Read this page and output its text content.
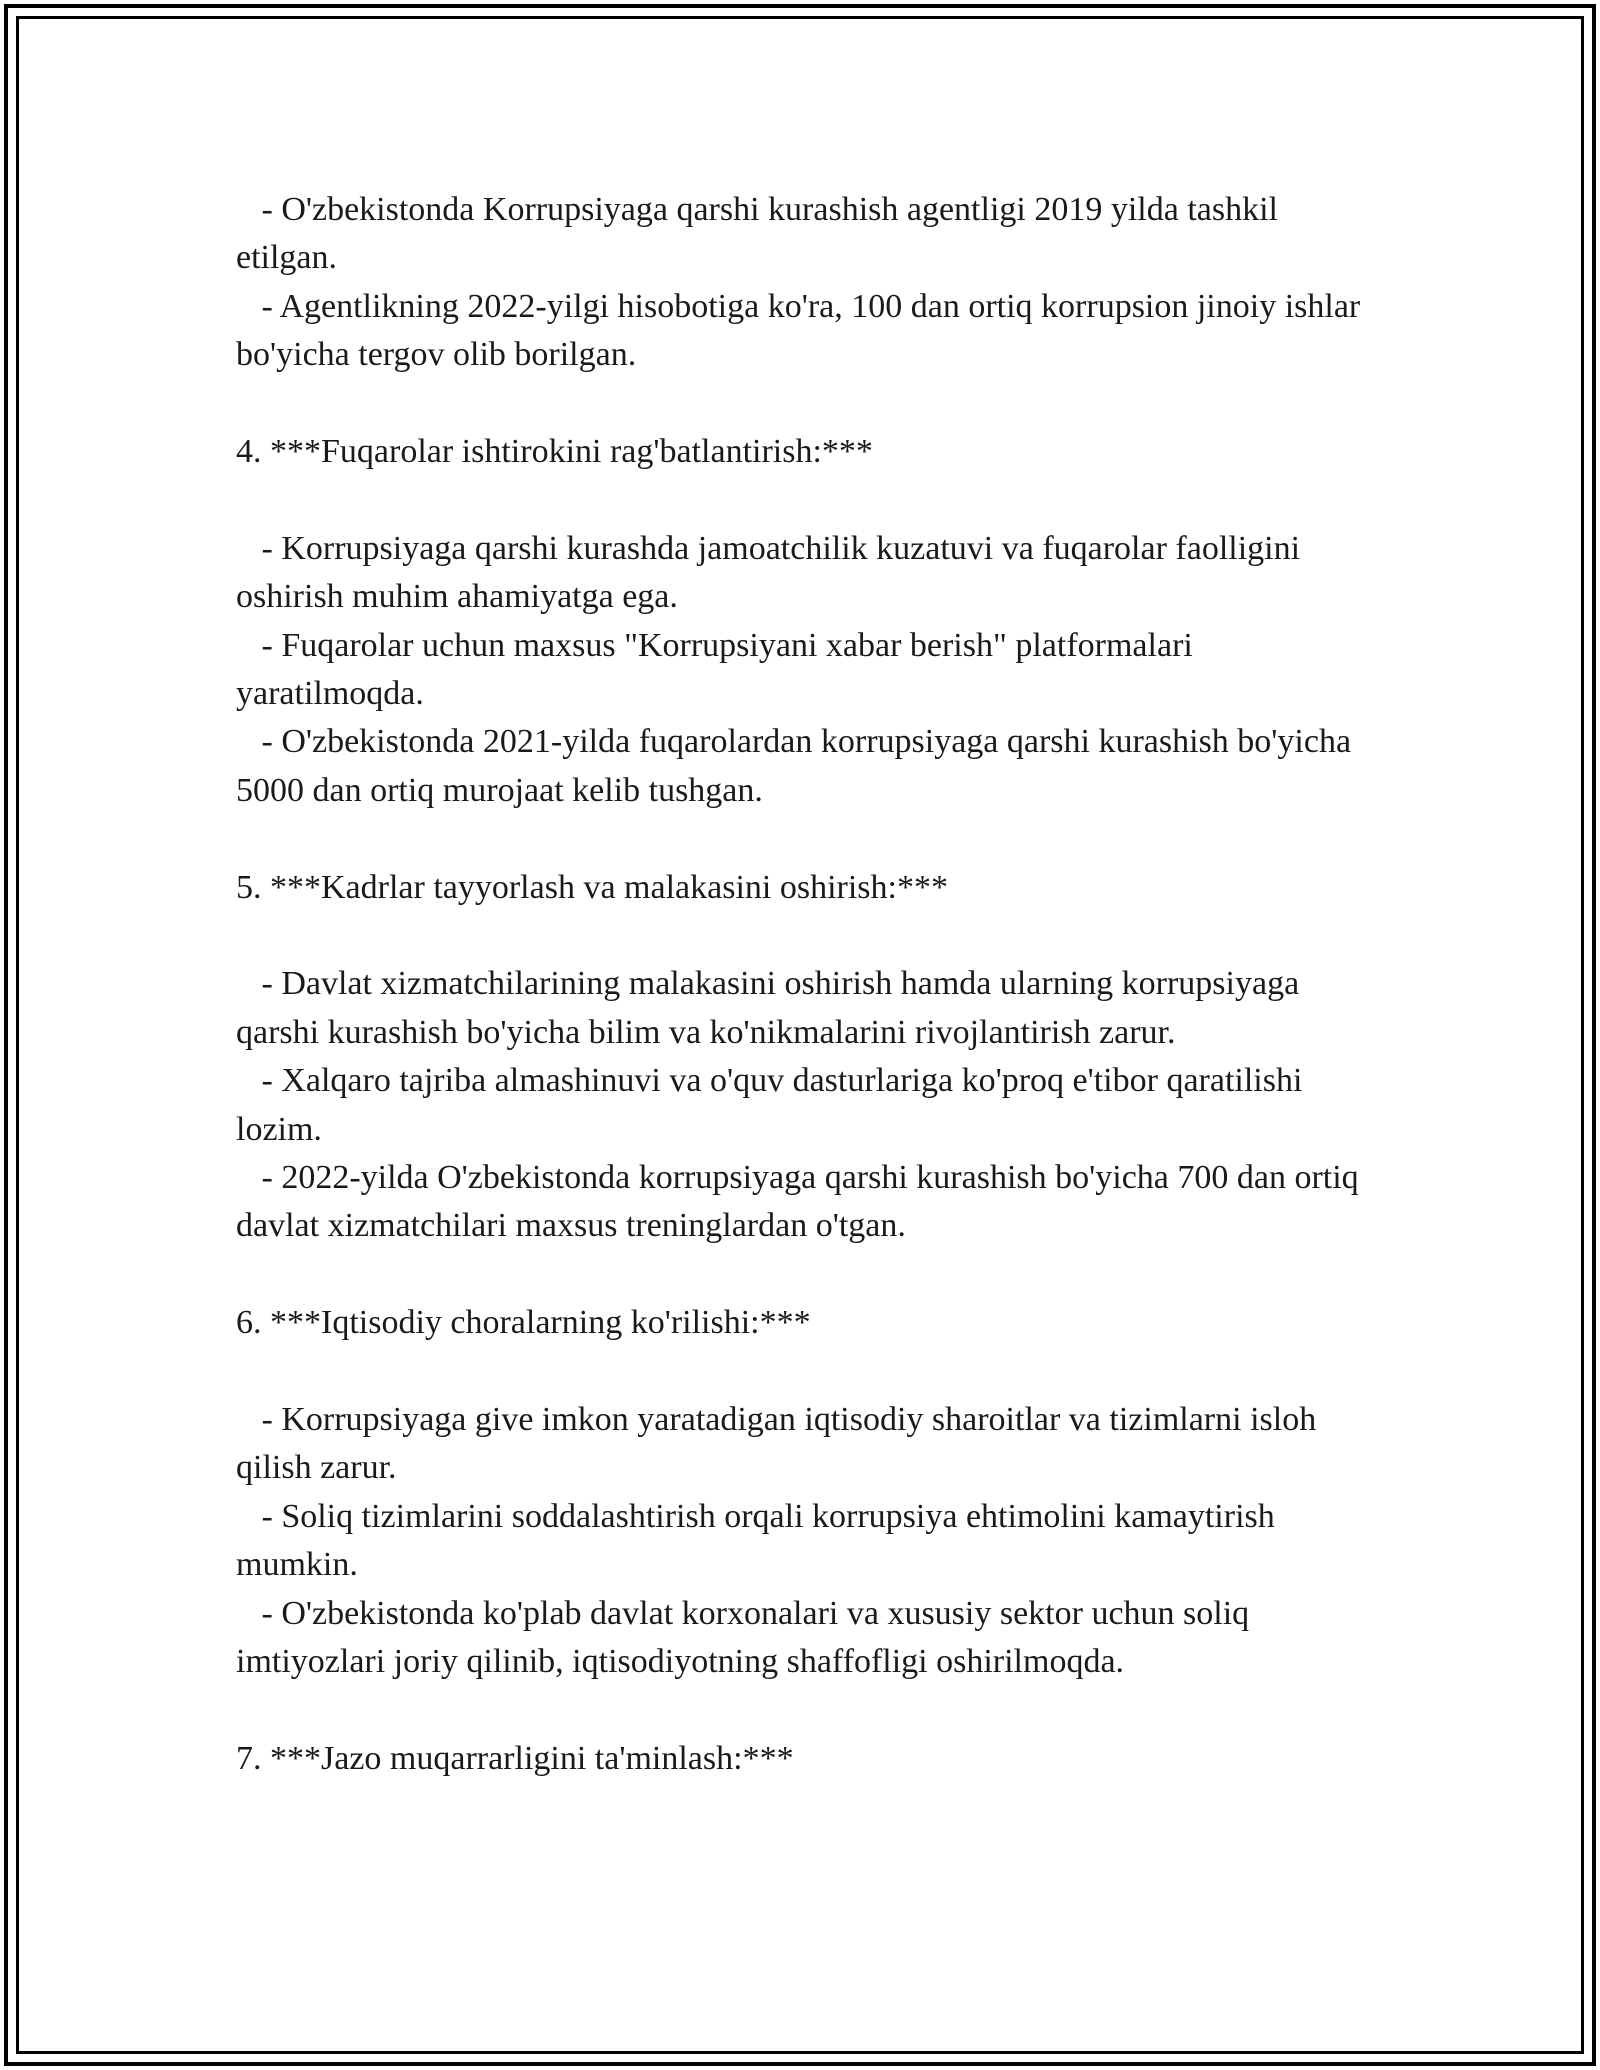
- O'zbekistonda Korrupsiyaga qarshi kurashish agentligi 2019 yilda tashkil etilgan.

- Agentlikning 2022-yilgi hisobotiga ko'ra, 100 dan ortiq korrupsion jinoiy ishlar bo'yicha tergov olib borilgan.

4. ***Fuqarolar ishtirokini rag'batlantirish:***

- Korrupsiyaga qarshi kurashda jamoatchilik kuzatuvi va fuqarolar faolligini oshirish muhim ahamiyatga ega.

- Fuqarolar uchun maxsus "Korrupsiyani xabar berish" platformalari yaratilmoqda.

- O'zbekistonda 2021-yilda fuqarolardan korrupsiyaga qarshi kurashish bo'yicha 5000 dan ortiq murojaat kelib tushgan.

5. ***Kadrlar tayyorlash va malakasini oshirish:***

- Davlat xizmatchilarining malakasini oshirish hamda ularning korrupsiyaga qarshi kurashish bo'yicha bilim va ko'nikmalarini rivojlantirish zarur.

- Xalqaro tajriba almashinuvi va o'quv dasturlariga ko'proq e'tibor qaratilishi lozim.

- 2022-yilda O'zbekistonda korrupsiyaga qarshi kurashish bo'yicha 700 dan ortiq davlat xizmatchilari maxsus treninglardan o'tgan.

6. ***Iqtisodiy choralarning ko'rilishi:***

- Korrupsiyaga give imkon yaratadigan iqtisodiy sharoitlar va tizimlarni isloh qilish zarur.

- Soliq tizimlarini soddalashtirish orqali korrupsiya ehtimolini kamaytirish mumkin.

- O'zbekistonda ko'plab davlat korxonalari va xususiy sektor uchun soliq imtiyozlari joriy qilinib, iqtisodiyotning shaffofligi oshirilmoqda.

7. ***Jazo muqarrarligini ta'minlash:***
